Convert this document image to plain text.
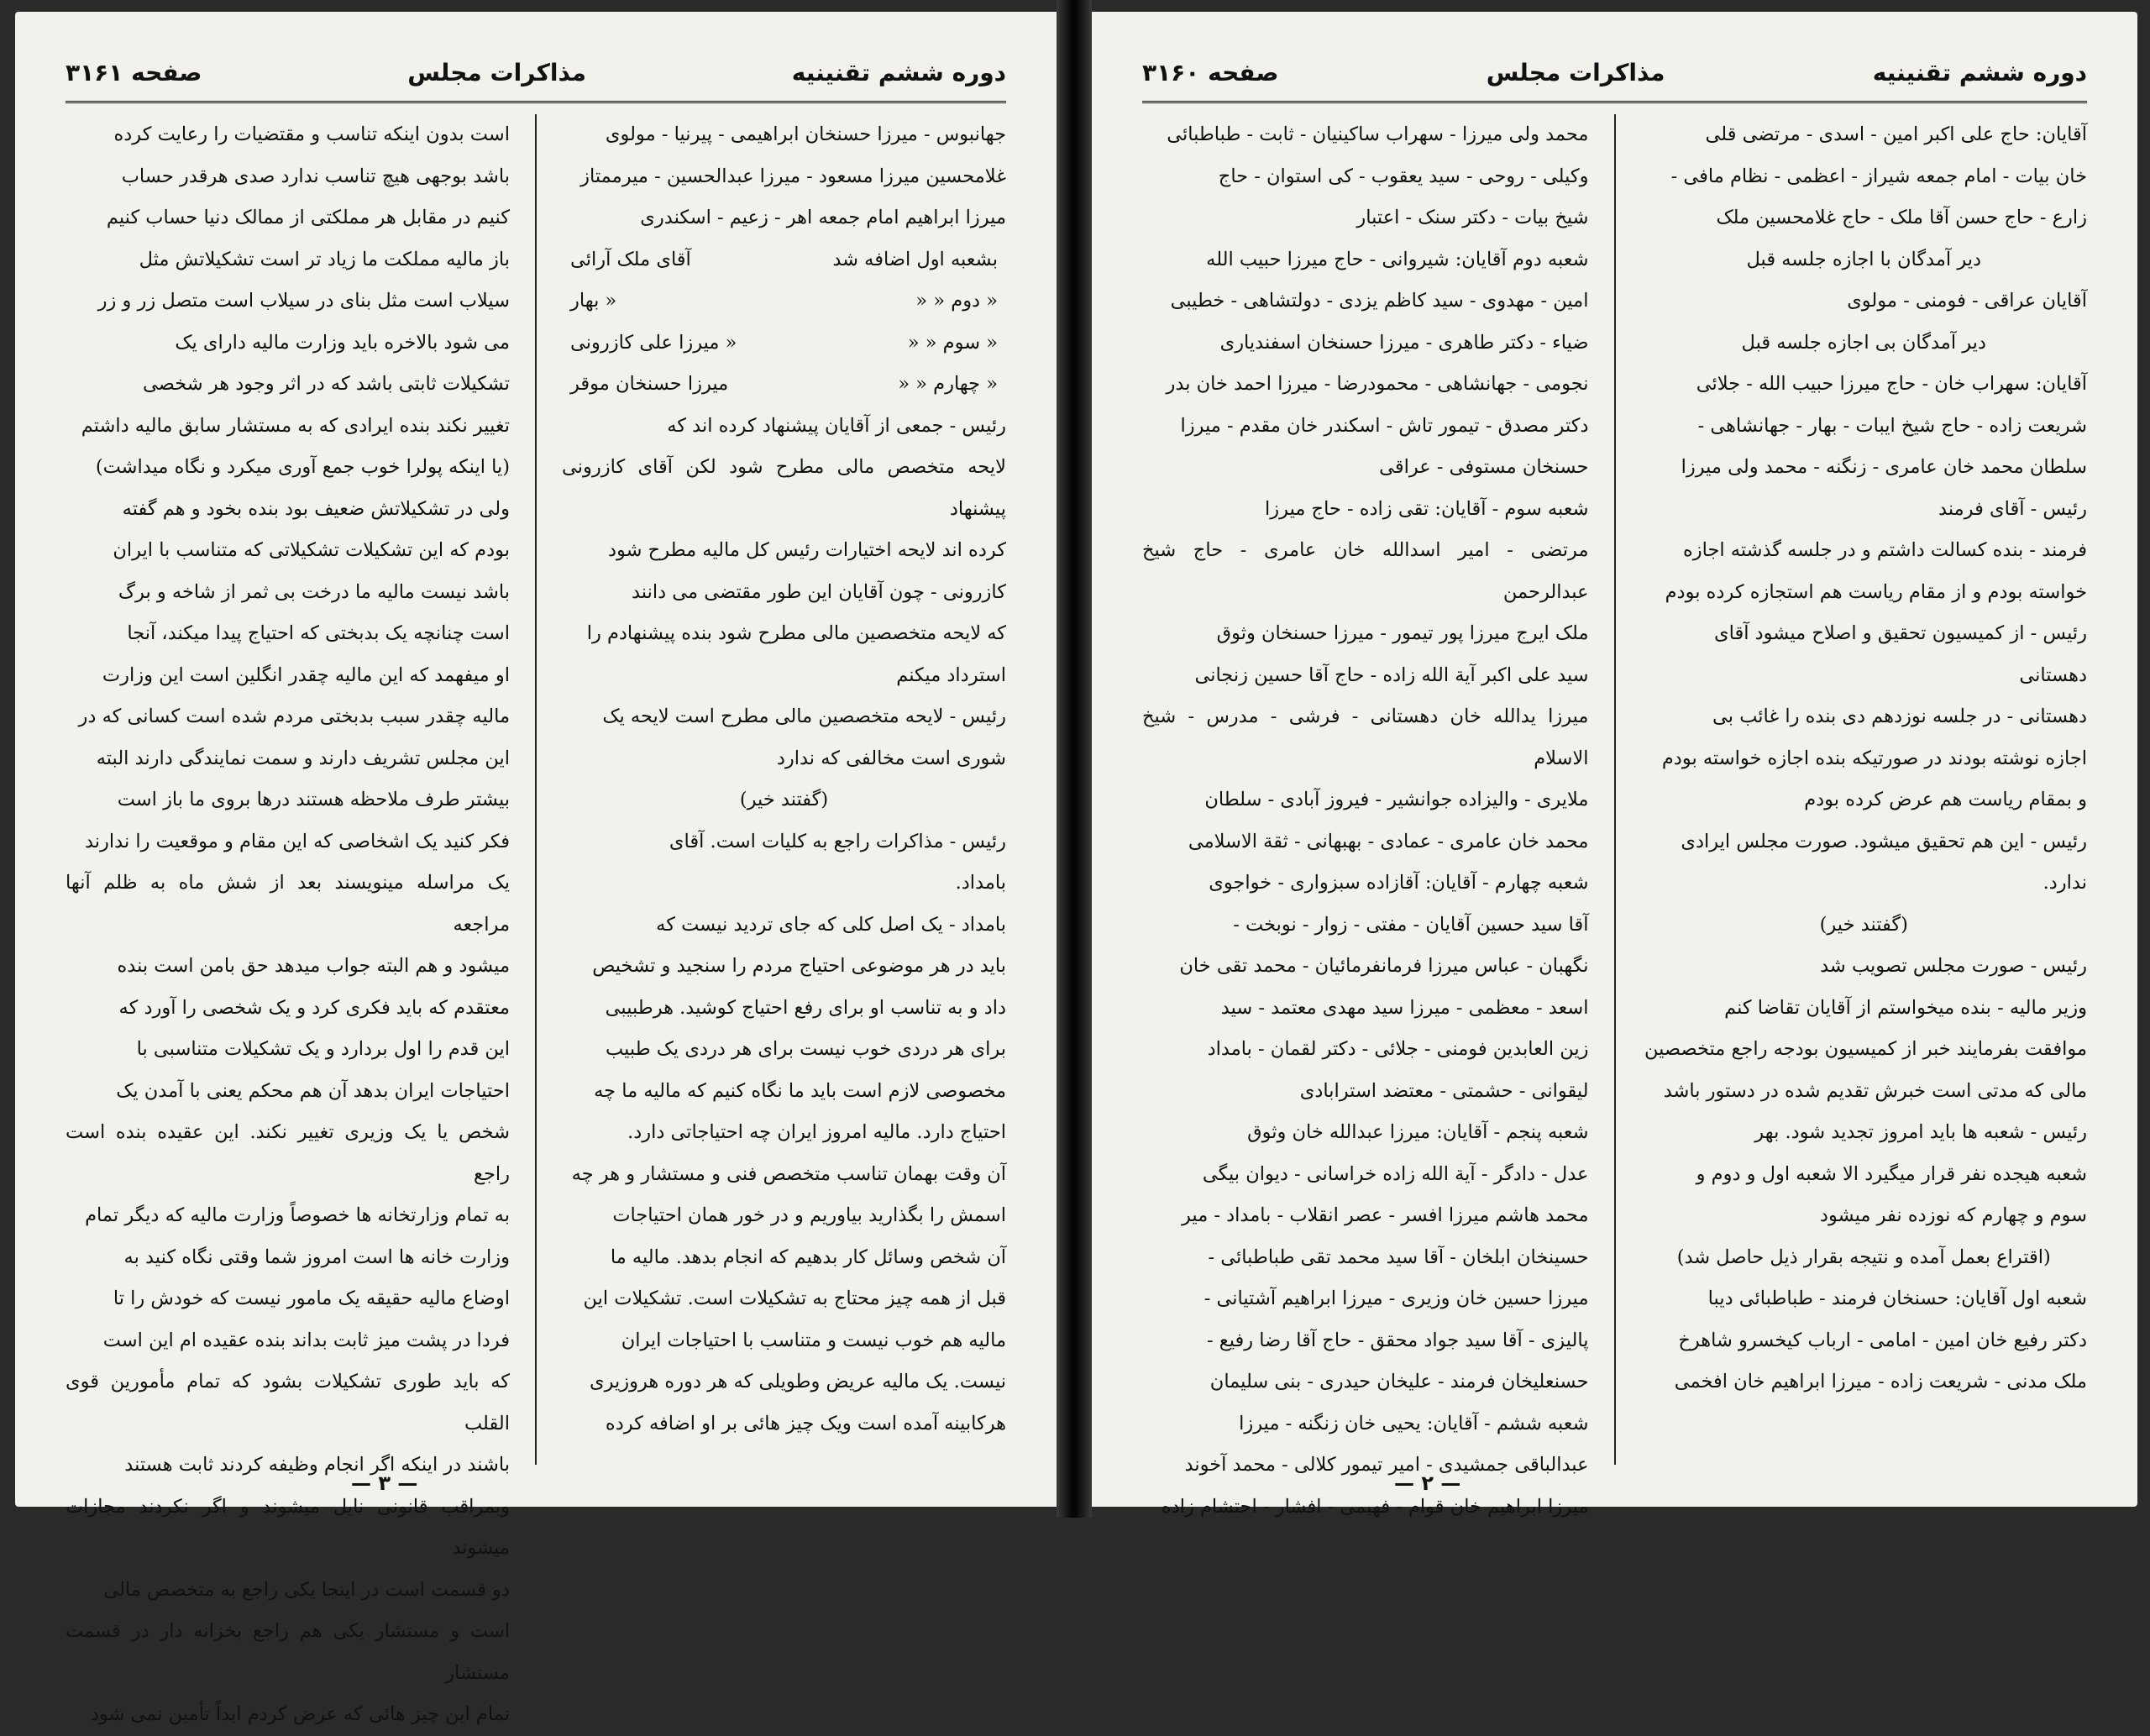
دوره ششم تقنینیه
مذاکرات مجلس
صفحه ۳۱۶۱

جهانبوس - میرزا حسنخان ابراهیمی - پیرنیا - مولوی

غلامحسین میرزا مسعود - میرزا عبدالحسین - میرممتاز

میرزا ابراهیم امام جمعه اهر - زعیم - اسکندری

بشعبه اول اضافه شد
آقای ملک آرائی
« دوم « «
« بهار
« سوم « «
« میرزا علی کازرونی
« چهارم « «
میرزا حسنخان موقر

رئیس - جمعی از آقایان پیشنهاد کرده اند که

لایحه متخصص مالی مطرح شود لکن آقای کازرونی پیشنهاد

کرده اند لایحه اختیارات رئیس کل مالیه مطرح شود

کازرونی - چون آقایان این طور مقتضی می دانند

که لایحه متخصصین مالی مطرح شود بنده پیشنهادم را

استرداد میکنم

رئیس - لایحه متخصصین مالی مطرح است لایحه یک

شوری است مخالفی که ندارد

(گفتند خیر)

رئیس - مذاکرات راجع به کلیات است. آقای

بامداد.

بامداد - یک اصل کلی که جای تردید نیست که

باید در هر موضوعی احتیاج مردم را سنجید و تشخیص

داد و به تناسب او برای رفع احتیاج کوشید. هرطبیبی

برای هر دردی خوب نیست برای هر دردی یک طبیب

مخصوصی لازم است باید ما نگاه کنیم که مالیه ما چه

احتیاج دارد. مالیه امروز ایران چه احتیاجاتی دارد.

آن وقت بهمان تناسب متخصص فنی و مستشار و هر چه

اسمش را بگذارید بیاوریم و در خور همان احتیاجات

آن شخص وسائل کار بدهیم که انجام بدهد. مالیه ما

قبل از همه چیز محتاج به تشکیلات است. تشکیلات این

مالیه هم خوب نیست و متناسب با احتیاجات ایران

نیست. یک مالیه عریض وطویلی که هر دوره هروزیری

هرکابینه آمده است ویک چیز هائی بر او اضافه کرده

است بدون اینکه تناسب و مقتضیات را رعایت کرده

باشد بوجهی هیچ تناسب ندارد صدی هرقدر حساب

کنیم در مقابل هر مملکتی از ممالک دنیا حساب کنیم

باز مالیه مملکت ما زیاد تر است تشکیلاتش مثل

سیلاب است مثل بنای در سیلاب است متصل زر و زر

می شود بالاخره باید وزارت مالیه دارای یک

تشکیلات ثابتی باشد که در اثر وجود هر شخصی

تغییر نکند بنده ایرادی که به مستشار سابق مالیه داشتم

(یا اینکه پولرا خوب جمع آوری میکرد و نگاه میداشت)

ولی در تشکیلاتش ضعیف بود بنده بخود و هم گفته

بودم که این تشکیلات تشکیلاتی که متناسب با ایران

باشد نیست مالیه ما درخت بی ثمر از شاخه و برگ

است چنانچه یک بدبختی که احتیاج پیدا میکند، آنجا

او میفهمد که این مالیه چقدر انگلین است این وزارت

مالیه چقدر سبب بدبختی مردم شده است کسانی که در

این مجلس تشریف دارند و سمت نمایندگی دارند البته

بیشتر طرف ملاحظه هستند درها بروی ما باز است

فکر کنید یک اشخاصی که این مقام و موقعیت را ندارند

یک مراسله مینویسند بعد از شش ماه به ظلم آنها مراجعه

میشود و هم البته جواب میدهد حق بامن است بنده

معتقدم که باید فکری کرد و یک شخصی را آورد که

این قدم را اول بردارد و یک تشکیلات متناسبی با

احتیاجات ایران بدهد آن هم محکم یعنی با آمدن یک

شخص یا یک وزیری تغییر نکند. این عقیده بنده است راجع

به تمام وزارتخانه ها خصوصاً وزارت مالیه که دیگر تمام

وزارت خانه ها است امروز شما وقتی نگاه کنید به

اوضاع مالیه حقیقه یک مامور نیست که خودش را تا

فردا در پشت میز ثابت بداند بنده عقیده ام این است

که باید طوری تشکیلات بشود که تمام مأمورین قوی القلب

باشند در اینکه اگر انجام وظیفه کردند ثابت هستند

وبمراقب قانونی نایل میشوند و اگر نکردند مجازات میشوند

دو قسمت است در اینجا یکی راجع به متخصص مالی

است و مستشار یکی هم راجع بخزانه دار در قسمت مستشار

تمام این چیز هائی که عرض کردم ابداً تأمین نمی شود

— ۳ —
دوره ششم تقنینیه
مذاکرات مجلس
صفحه ۳۱۶۰

آقایان: حاج علی اکبر امین - اسدی - مرتضی قلی

خان بیات - امام جمعه شیراز - اعظمی - نظام مافی -

زارع - حاج حسن آقا ملک - حاج غلامحسین ملک

دیر آمدگان با اجازه جلسه قبل

آقایان عراقی - فومنی - مولوی

دیر آمدگان بی اجازه جلسه قبل

آقایان: سهراب خان - حاج میرزا حبیب الله - جلائی

شریعت زاده - حاج شیخ ایبات - بهار - جهانشاهی -

سلطان محمد خان عامری - زنگنه - محمد ولی میرزا

رئیس - آقای فرمند

فرمند - بنده کسالت داشتم و در جلسه گذشته اجازه

خواسته بودم و از مقام ریاست هم استجازه کرده بودم

رئیس - از کمیسیون تحقیق و اصلاح میشود آقای

دهستانی

دهستانی - در جلسه نوزدهم دی بنده را غائب بی

اجازه نوشته بودند در صورتیکه بنده اجازه خواسته بودم

و بمقام ریاست هم عرض کرده بودم

رئیس - این هم تحقیق میشود. صورت مجلس ایرادی

ندارد.

(گفتند خیر)

رئیس - صورت مجلس تصویب شد

وزیر مالیه - بنده میخواستم از آقایان تقاضا کنم

موافقت بفرمایند خبر از کمیسیون بودجه راجع متخصصین

مالی که مدتی است خبرش تقدیم شده در دستور باشد

رئیس - شعبه ها باید امروز تجدید شود. بهر

شعبه هیجده نفر قرار میگیرد الا شعبه اول و دوم و

سوم و چهارم که نوزده نفر میشود

(اقتراع بعمل آمده و نتیجه بقرار ذیل حاصل شد)

شعبه اول آقایان: حسنخان فرمند - طباطبائی دیبا

دکتر رفیع خان امین - امامی - ارباب کیخسرو شاهرخ

ملک مدنی - شریعت زاده - میرزا ابراهیم خان افخمی

محمد ولی میرزا - سهراب ساکینیان - ثابت - طباطبائی

وکیلی - روحی - سید یعقوب - کی استوان - حاج

شیخ بیات - دکتر سنک - اعتبار

شعبه دوم آقایان: شیروانی - حاج میرزا حبیب الله

امین - مهدوی - سید کاظم یزدی - دولتشاهی - خطیبی

ضیاء - دکتر طاهری - میرزا حسنخان اسفندیاری

نجومی - جهانشاهی - محمودرضا - میرزا احمد خان بدر

دکتر مصدق - تیمور تاش - اسکندر خان مقدم - میرزا

حسنخان مستوفی - عراقی

شعبه سوم - آقایان: تقی زاده - حاج میرزا

مرتضی - امیر اسدالله خان عامری - حاج شیخ عبدالرحمن

ملک ایرج میرزا پور تیمور - میرزا حسنخان وثوق

سید علی اکبر آیة الله زاده - حاج آقا حسین زنجانی

میرزا یدالله خان دهستانی - فرشی - مدرس - شیخ الاسلام

ملایری - والیزاده جوانشیر - فیروز آبادی - سلطان

محمد خان عامری - عمادی - بهبهانی - ثقة الاسلامی

شعبه چهارم - آقایان: آقازاده سبزواری - خواجوی

آقا سید حسین آقایان - مفتی - زوار - نوبخت -

نگهبان - عباس میرزا فرمانفرمائیان - محمد تقی خان

اسعد - معظمی - میرزا سید مهدی معتمد - سید

زین العابدین فومنی - جلائی - دکتر لقمان - بامداد

لیقوانی - حشمتی - معتضد استرابادی

شعبه پنجم - آقایان: میرزا عبدالله خان وثوق

عدل - دادگر - آیة الله زاده خراسانی - دیوان بیگی

محمد هاشم میرزا افسر - عصر انقلاب - بامداد - میر

حسینخان ابلخان - آقا سید محمد تقی طباطبائی -

میرزا حسین خان وزیری - میرزا ابراهیم آشتیانی -

پالیزی - آقا سید جواد محقق - حاج آقا رضا رفیع -

حسنعلیخان فرمند - علیخان حیدری - بنی سلیمان

شعبه ششم - آقایان: یحیی خان زنگنه - میرزا

عبدالباقی جمشیدی - امیر تیمور کلالی - محمد آخوند

میرزا ابراهیم خان قوام - فهیمی - افشار - احتشام زاده

— ۲ —
